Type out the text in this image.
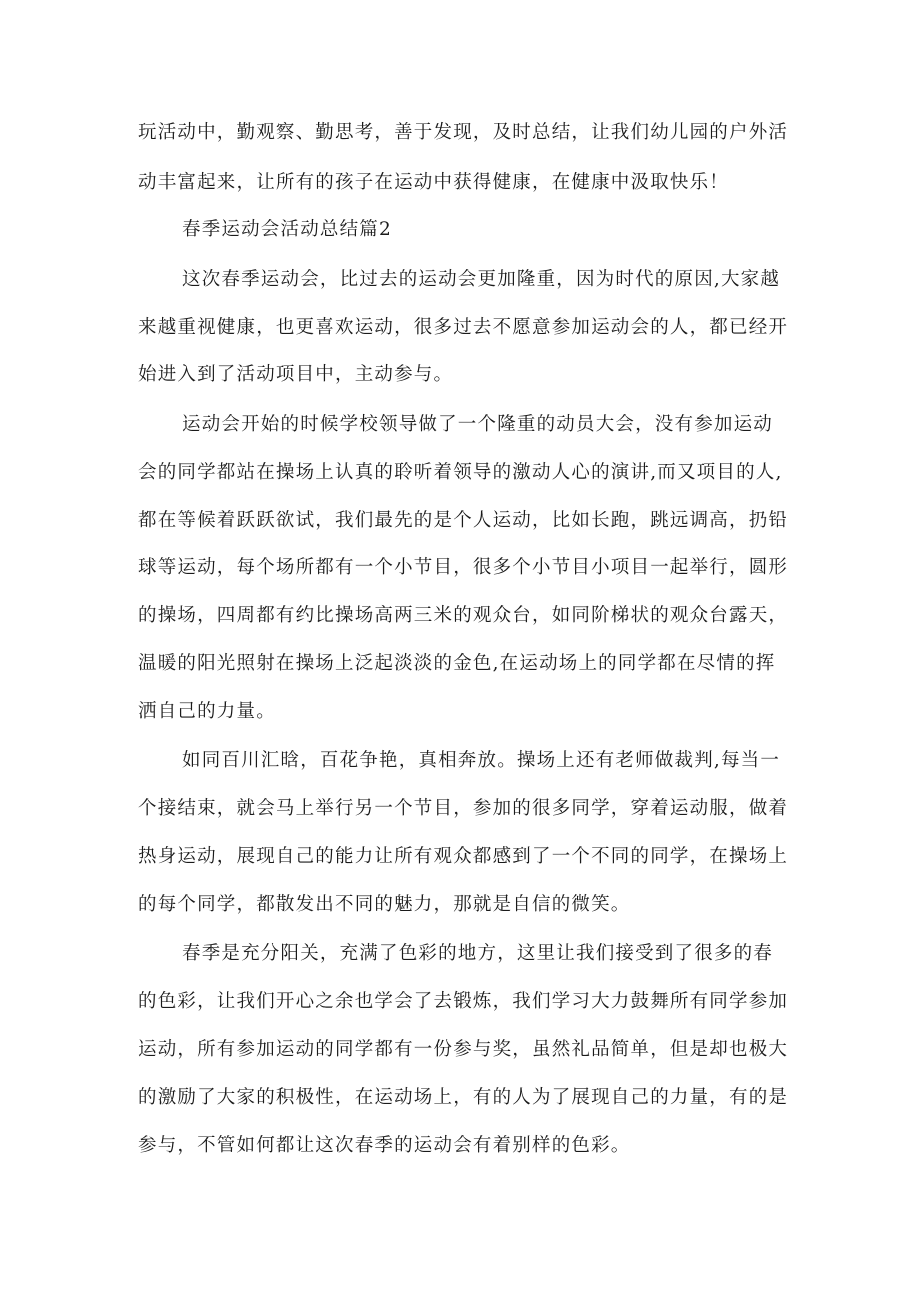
玩活动中，勤观察、勤思考，善于发现，及时总结，让我们幼儿园的户外活
动丰富起来，让所有的孩子在运动中获得健康，在健康中汲取快乐！
春季运动会活动总结篇2
这次春季运动会，比过去的运动会更加隆重，因为时代的原因,大家越
来越重视健康，也更喜欢运动，很多过去不愿意参加运动会的人，都已经开
始进入到了活动项目中，主动参与。
运动会开始的时候学校领导做了一个隆重的动员大会，没有参加运动
会的同学都站在操场上认真的聆听着领导的激动人心的演讲,而又项目的人,
都在等候着跃跃欲试，我们最先的是个人运动，比如长跑，跳远调高，扔铅
球等运动，每个场所都有一个小节目，很多个小节目小项目一起举行，圆形
的操场，四周都有约比操场高两三米的观众台，如同阶梯状的观众台露天，
温暖的阳光照射在操场上泛起淡淡的金色,在运动场上的同学都在尽情的挥
洒自己的力量。
如同百川汇晗，百花争艳，真相奔放。操场上还有老师做裁判,每当一
个接结束，就会马上举行另一个节目，参加的很多同学，穿着运动服，做着
热身运动，展现自己的能力让所有观众都感到了一个不同的同学，在操场上
的每个同学，都散发出不同的魅力，那就是自信的微笑。
春季是充分阳关，充满了色彩的地方，这里让我们接受到了很多的春
的色彩，让我们开心之余也学会了去锻炼，我们学习大力鼓舞所有同学参加
运动，所有参加运动的同学都有一份参与奖，虽然礼品简单，但是却也极大
的激励了大家的积极性，在运动场上，有的人为了展现自己的力量，有的是
参与，不管如何都让这次春季的运动会有着别样的色彩。
